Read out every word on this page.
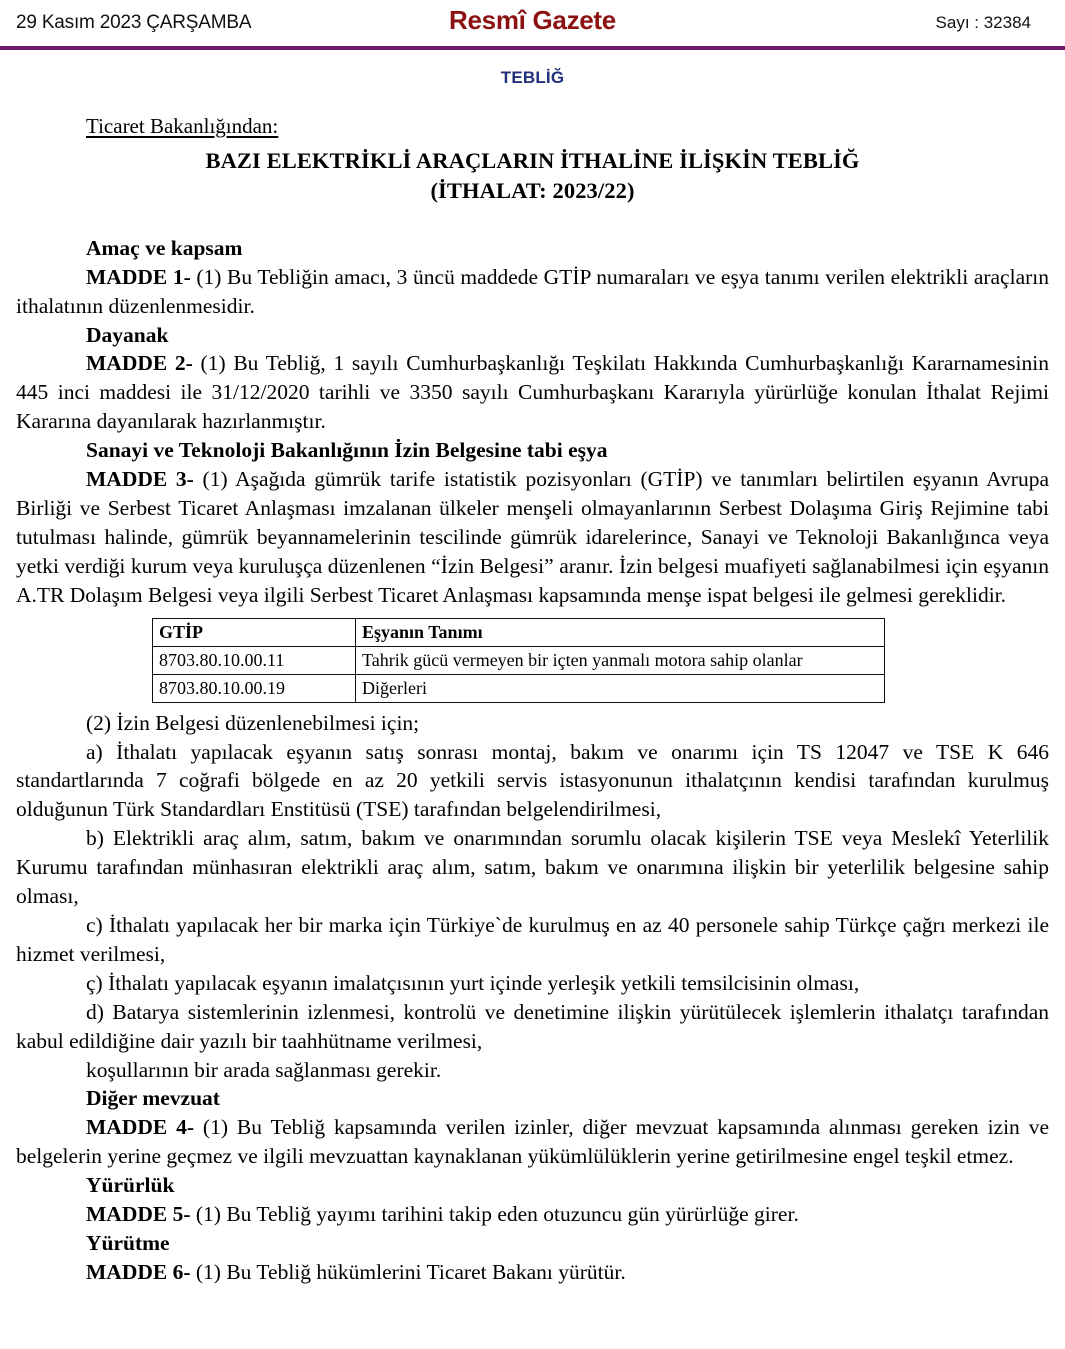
29 Kasım 2023 ÇARŞAMBA	Resmî Gazete	Sayı : 32384
TEBLİĞ
Ticaret Bakanlığından:
BAZI ELEKTRİKLİ ARAÇLARIN İTHALİNE İLİŞKİN TEBLİĞ
(İTHALAT: 2023/22)

Amaç ve kapsam

MADDE 1- (1) Bu Tebliğin amacı, 3 üncü maddede GTİP numaraları ve eşya tanımı verilen elektrikli araçların ithalatının düzenlenmesidir.

Dayanak

MADDE 2- (1) Bu Tebliğ, 1 sayılı Cumhurbaşkanlığı Teşkilatı Hakkında Cumhurbaşkanlığı Kararnamesinin 445 inci maddesi ile 31/12/2020 tarihli ve 3350 sayılı Cumhurbaşkanı Kararıyla yürürlüğe konulan İthalat Rejimi Kararına dayanılarak hazırlanmıştır.

Sanayi ve Teknoloji Bakanlığının İzin Belgesine tabi eşya

MADDE 3- (1) Aşağıda gümrük tarife istatistik pozisyonları (GTİP) ve tanımları belirtilen eşyanın Avrupa Birliği ve Serbest Ticaret Anlaşması imzalanan ülkeler menşeli olmayanlarının Serbest Dolaşıma Giriş Rejimine tabi tutulması halinde, gümrük beyannamelerinin tescilinde gümrük idarelerince, Sanayi ve Teknoloji Bakanlığınca veya yetki verdiği kurum veya kuruluşça düzenlenen “İzin Belgesi” aranır. İzin belgesi muafiyeti sağlanabilmesi için eşyanın A.TR Dolaşım Belgesi veya ilgili Serbest Ticaret Anlaşması kapsamında menşe ispat belgesi ile gelmesi gereklidir.

GTİP	Eşyanın Tanımı
8703.80.10.00.11	Tahrik gücü vermeyen bir içten yanmalı motora sahip olanlar
8703.80.10.00.19	Diğerleri

(2) İzin Belgesi düzenlenebilmesi için;

a) İthalatı yapılacak eşyanın satış sonrası montaj, bakım ve onarımı için TS 12047 ve TSE K 646 standartlarında 7 coğrafi bölgede en az 20 yetkili servis istasyonunun ithalatçının kendisi tarafından kurulmuş olduğunun Türk Standardları Enstitüsü (TSE) tarafından belgelendirilmesi,

b) Elektrikli araç alım, satım, bakım ve onarımından sorumlu olacak kişilerin TSE veya Meslekî Yeterlilik Kurumu tarafından münhasıran elektrikli araç alım, satım, bakım ve onarımına ilişkin bir yeterlilik belgesine sahip olması,

c) İthalatı yapılacak her bir marka için Türkiye`de kurulmuş en az 40 personele sahip Türkçe çağrı merkezi ile hizmet verilmesi,

ç) İthalatı yapılacak eşyanın imalatçısının yurt içinde yerleşik yetkili temsilcisinin olması,

d) Batarya sistemlerinin izlenmesi, kontrolü ve denetimine ilişkin yürütülecek işlemlerin ithalatçı tarafından kabul edildiğine dair yazılı bir taahhütname verilmesi,

koşullarının bir arada sağlanması gerekir.

Diğer mevzuat

MADDE 4- (1) Bu Tebliğ kapsamında verilen izinler, diğer mevzuat kapsamında alınması gereken izin ve belgelerin yerine geçmez ve ilgili mevzuattan kaynaklanan yükümlülüklerin yerine getirilmesine engel teşkil etmez.

Yürürlük

MADDE 5- (1) Bu Tebliğ yayımı tarihini takip eden otuzuncu gün yürürlüğe girer.

Yürütme

MADDE 6- (1) Bu Tebliğ hükümlerini Ticaret Bakanı yürütür.
